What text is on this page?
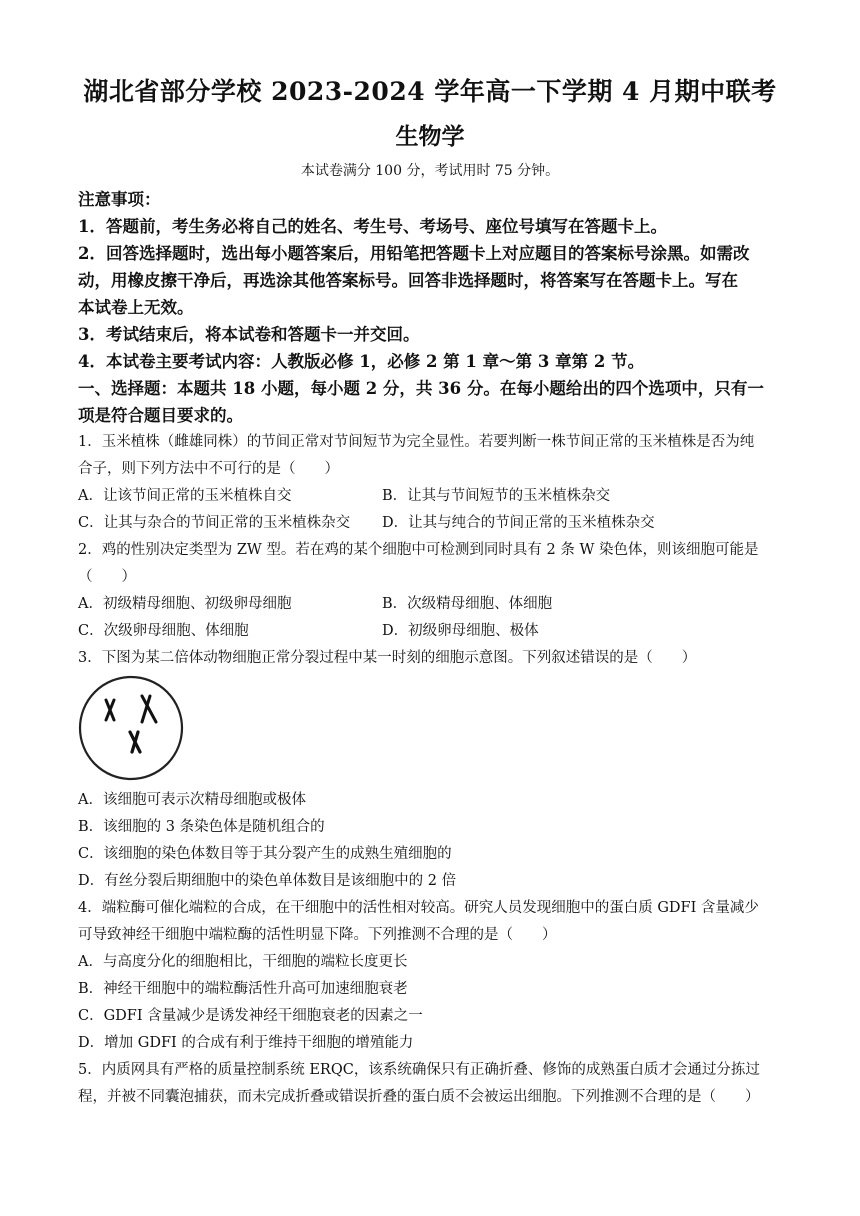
湖北省部分学校 2023-2024 学年高一下学期 4 月期中联考
生物学
本试卷满分 100 分，考试用时 75 分钟。
注意事项：
1．答题前，考生务必将自己的姓名、考生号、考场号、座位号填写在答题卡上。
2．回答选择题时，选出每小题答案后，用铅笔把答题卡上对应题目的答案标号涂黑。如需改
动，用橡皮擦干净后，再选涂其他答案标号。回答非选择题时，将答案写在答题卡上。写在
本试卷上无效。
3．考试结束后，将本试卷和答题卡一并交回。
4．本试卷主要考试内容：人教版必修 1，必修 2 第 1 章～第 3 章第 2 节。
一、选择题：本题共 18 小题，每小题 2 分，共 36 分。在每小题给出的四个选项中，只有一
项是符合题目要求的。
1．玉米植株（雌雄同株）的节间正常对节间短节为完全显性。若要判断一株节间正常的玉米植株是否为纯
合子，则下列方法中不可行的是（　　）
A．让该节间正常的玉米植株自交	B．让其与节间短节的玉米植株杂交
C．让其与杂合的节间正常的玉米植株杂交 D．让其与纯合的节间正常的玉米植株杂交
2．鸡的性别决定类型为 ZW 型。若在鸡的某个细胞中可检测到同时具有 2 条 W 染色体，则该细胞可能是
（　　）
A．初级精母细胞、初级卵母细胞	B．次级精母细胞、体细胞
C．次级卵母细胞、体细胞	D．初级卵母细胞、极体
3．下图为某二倍体动物细胞正常分裂过程中某一时刻的细胞示意图。下列叙述错误的是（　　）
A．该细胞可表示次精母细胞或极体
B．该细胞的 3 条染色体是随机组合的
C．该细胞的染色体数目等于其分裂产生的成熟生殖细胞的
D．有丝分裂后期细胞中的染色单体数目是该细胞中的 2 倍
4．端粒酶可催化端粒的合成，在干细胞中的活性相对较高。研究人员发现细胞中的蛋白质 GDFI 含量减少
可导致神经干细胞中端粒酶的活性明显下降。下列推测不合理的是（　　）
A．与高度分化的细胞相比，干细胞的端粒长度更长
B．神经干细胞中的端粒酶活性升高可加速细胞衰老
C．GDFI 含量减少是诱发神经干细胞衰老的因素之一
D．增加 GDFI 的合成有利于维持干细胞的增殖能力
5．内质网具有严格的质量控制系统 ERQC，该系统确保只有正确折叠、修饰的成熟蛋白质才会通过分拣过
程，并被不同囊泡捕获，而未完成折叠或错误折叠的蛋白质不会被运出细胞。下列推测不合理的是（　　）
